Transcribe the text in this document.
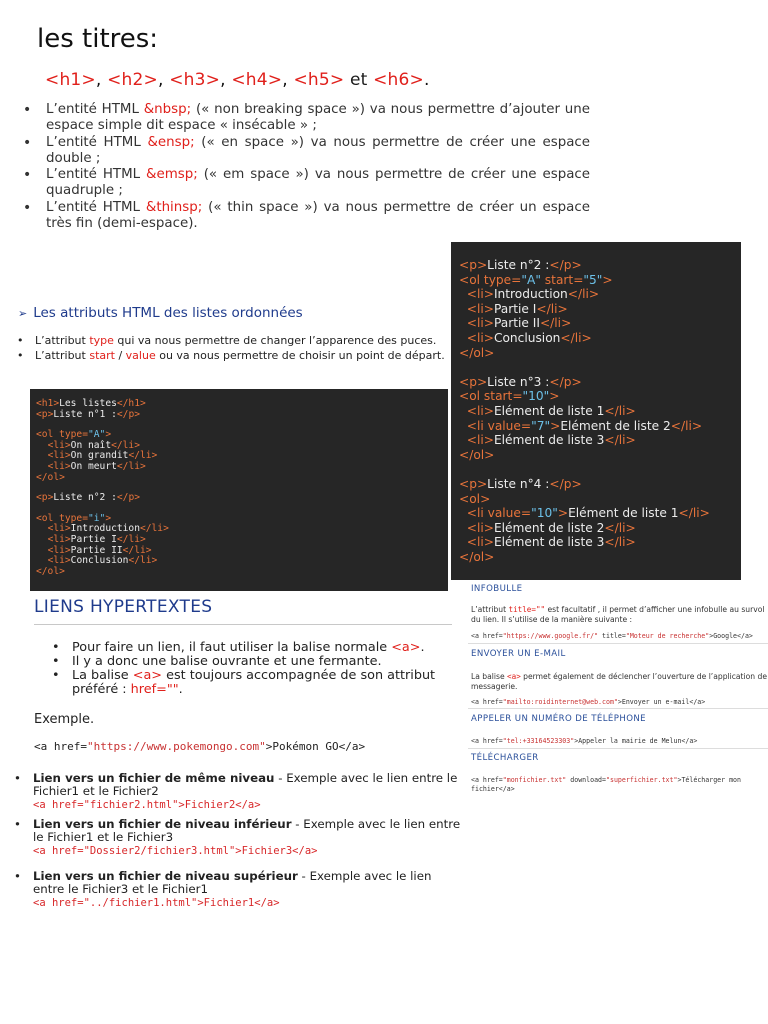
les titres:
<h1>, <h2>, <h3>, <h4>, <h5> et <h6>.
• L’entité HTML &nbsp; (« non breaking space ») va nous permettre d’ajouter une espace simple dit espace « insécable » ;
• L’entité HTML &ensp; (« en space ») va nous permettre de créer une espace double ;
• L’entité HTML &emsp; (« em space ») va nous permettre de créer une espace quadruple ;
• L’entité HTML &thinsp; (« thin space ») va nous permettre de créer un espace très fin (demi-espace).
➢ Les attributs HTML des listes ordonnées
• L’attribut type qui va nous permettre de changer l’apparence des puces.
• L’attribut start / value ou va nous permettre de choisir un point de départ.
<h1>Les listes</h1>
<p>Liste n°1 :</p>
<ol type="A">
<li>On naît</li>
<li>On grandit</li>
<li>On meurt</li>
</ol>
<p>Liste n°2 :</p>
<ol type="i">
<li>Introduction</li>
<li>Partie I</li>
<li>Partie II</li>
<li>Conclusion</li>
</ol>
<p>Liste n°2 :</p>
<ol type="A" start="5">
<li>Introduction</li>
<li>Partie I</li>
<li>Partie II</li>
<li>Conclusion</li>
</ol>
<p>Liste n°3 :</p>
<ol start="10">
<li>Elément de liste 1</li>
<li value="7">Elément de liste 2</li>
<li>Elément de liste 3</li>
</ol>
<p>Liste n°4 :</p>
<ol>
<li value="10">Elément de liste 1</li>
<li>Elément de liste 2</li>
<li>Elément de liste 3</li>
</ol>
LIENS HYPERTEXTES
• Pour faire un lien, il faut utiliser la balise normale <a>.
• Il y a donc une balise ouvrante et une fermante.
• La balise <a> est toujours accompagnée de son attribut préféré : href="".
Exemple.
<a href="https://www.pokemongo.com">Pokémon GO</a>
• Lien vers un fichier de même niveau - Exemple avec le lien entre le Fichier1 et le Fichier2
<a href="fichier2.html">Fichier2</a>
• Lien vers un fichier de niveau inférieur - Exemple avec le lien entre le Fichier1 et le Fichier3
<a href="Dossier2/fichier3.html">Fichier3</a>
• Lien vers un fichier de niveau supérieur - Exemple avec le lien entre le Fichier3 et le Fichier1
<a href="../fichier1.html">Fichier1</a>
INFOBULLE
L’attribut title="" est facultatif , il permet d’afficher une infobulle au survol du lien. Il s’utilise de la manière suivante :
<a href="https://www.google.fr/" title="Moteur de recherche">Google</a>
ENVOYER UN E-MAIL
La balise <a> permet également de déclencher l’ouverture de l’application de messagerie.
<a href="mailto:roidinternet@web.com">Envoyer un e-mail</a>
APPELER UN NUMÉRO DE TÉLÉPHONE
<a href="tel:+33164523303">Appeler la mairie de Melun</a>
TÉLÉCHARGER
<a href="monfichier.txt" download="superfichier.txt">Télécharger mon fichier</a>
